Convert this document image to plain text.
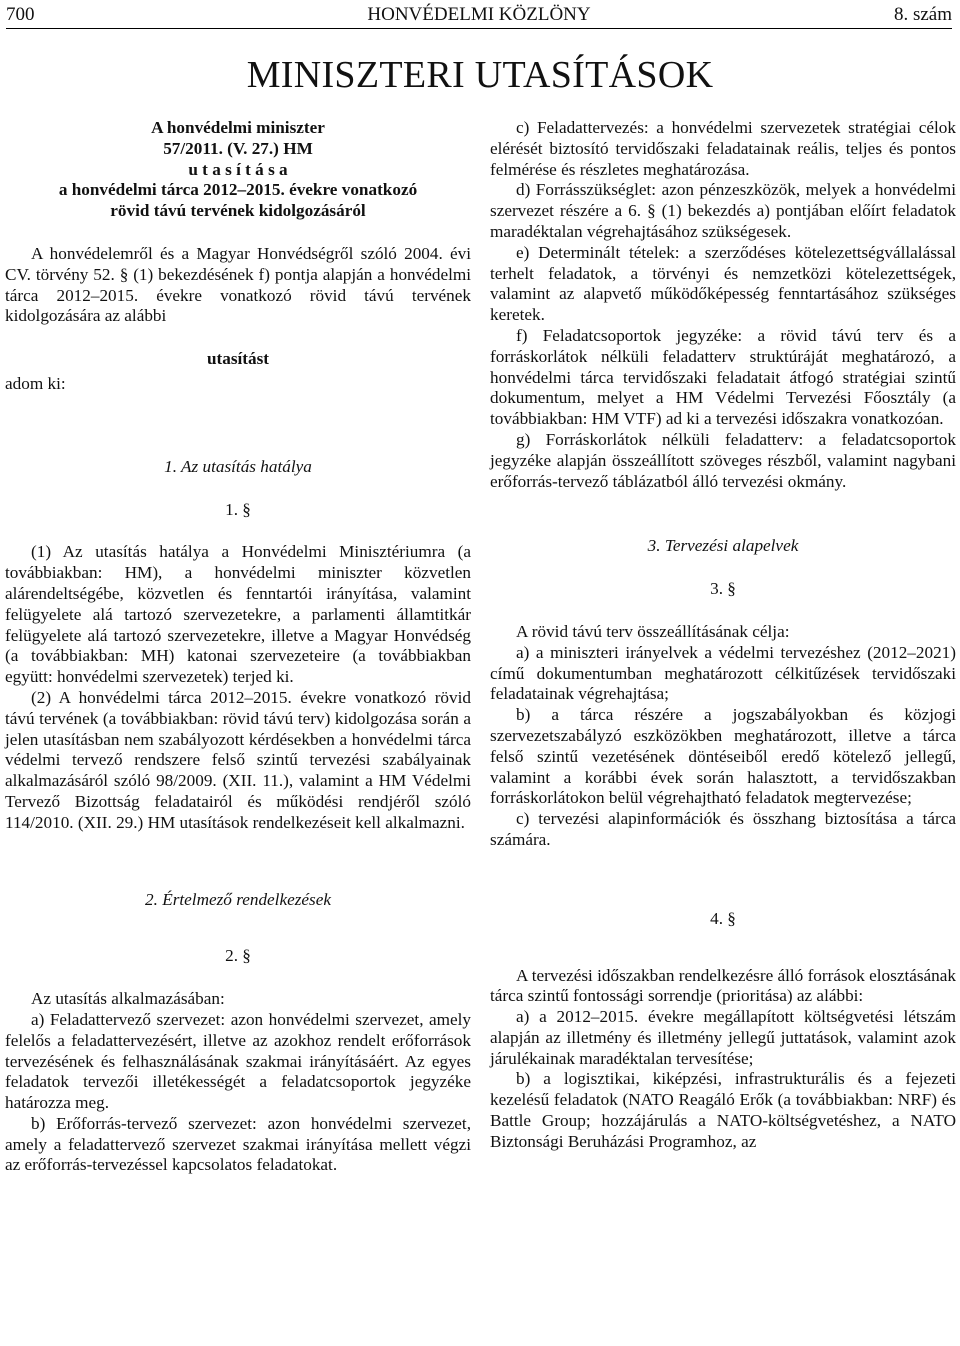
700	HONVÉDELMI KÖZLÖNY	8. szám
MINISZTERI UTASÍTÁSOK

A honvédelmi miniszter

57/2011. (V. 27.) HM

u t a s í t á s a

a honvédelmi tárca 2012–2015. évekre vonatkozó

rövid távú tervének kidolgozásáról

A honvédelemről és a Magyar Honvédségről szóló 2004. évi CV. törvény 52. § (1) bekezdésének f) pontja alapján a honvédelmi tárca 2012–2015. évekre vonatkozó rövid távú tervének kidolgozására az alábbi

utasítást

adom ki:

1. Az utasítás hatálya

1. §

(1) Az utasítás hatálya a Honvédelmi Minisztériumra (a továbbiakban: HM), a honvédelmi miniszter közvetlen alárendeltségébe, közvetlen és fenntartói irányítása, valamint felügyelete alá tartozó szervezetekre, a parlamenti államtitkár felügyelete alá tartozó szervezetekre, illetve a Magyar Honvédség (a továbbiakban: MH) katonai szervezeteire (a továbbiakban együtt: honvédelmi szervezetek) terjed ki.

(2) A honvédelmi tárca 2012–2015. évekre vonatkozó rövid távú tervének (a továbbiakban: rövid távú terv) kidolgozása során a jelen utasításban nem szabályozott kérdésekben a honvédelmi tárca védelmi tervező rendszere felső szintű tervezési szabályainak alkalmazásáról szóló 98/2009. (XII. 11.), valamint a HM Védelmi Tervező Bizottság feladatairól és működési rendjéről szóló 114/2010. (XII. 29.) HM utasítások rendelkezéseit kell alkalmazni.

2. Értelmező rendelkezések

2. §

Az utasítás alkalmazásában:

a) Feladattervező szervezet: azon honvédelmi szervezet, amely felelős a feladattervezésért, illetve az azokhoz rendelt erőforrások tervezésének és felhasználásának szakmai irányításáért. Az egyes feladatok tervezői illetékességét a feladatcsoportok jegyzéke határozza meg.

b) Erőforrás-tervező szervezet: azon honvédelmi szervezet, amely a feladattervező szervezet szakmai irányítása mellett végzi az erőforrás-tervezéssel kapcsolatos feladatokat.

c) Feladattervezés: a honvédelmi szervezetek stratégiai célok elérését biztosító tervidőszaki feladatainak reális, teljes és pontos felmérése és részletes meghatározása.

d) Forrásszükséglet: azon pénzeszközök, melyek a honvédelmi szervezet részére a 6. § (1) bekezdés a) pontjában előírt feladatok maradéktalan végrehajtásához szükségesek.

e) Determinált tételek: a szerződéses kötelezettségvállalással terhelt feladatok, a törvényi és nemzetközi kötelezettségek, valamint az alapvető működőképesség fenntartásához szükséges keretek.

f) Feladatcsoportok jegyzéke: a rövid távú terv és a forráskorlátok nélküli feladatterv struktúráját meghatározó, a honvédelmi tárca tervidőszaki feladatait átfogó stratégiai szintű dokumentum, melyet a HM Védelmi Tervezési Főosztály (a továbbiakban: HM VTF) ad ki a tervezési időszakra vonatkozóan.

g) Forráskorlátok nélküli feladatterv: a feladatcsoportok jegyzéke alapján összeállított szöveges részből, valamint nagybani erőforrás-tervező táblázatból álló tervezési okmány.

3. Tervezési alapelvek

3. §

A rövid távú terv összeállításának célja:

a) a miniszteri irányelvek a védelmi tervezéshez (2012–2021) című dokumentumban meghatározott célkitűzések tervidőszaki feladatainak végrehajtása;

b) a tárca részére a jogszabályokban és közjogi szervezetszabályzó eszközökben meghatározott, illetve a tárca felső szintű vezetésének döntéseiből eredő kötelező jellegű, valamint a korábbi évek során halasztott, a tervidőszakban forráskorlátokon belül végrehajtható feladatok megtervezése;

c) tervezési alapinformációk és összhang biztosítása a tárca számára.

4. §

A tervezési időszakban rendelkezésre álló források elosztásának tárca szintű fontossági sorrendje (prioritása) az alábbi:

a) a 2012–2015. évekre megállapított költségvetési létszám alapján az illetmény és illetmény jellegű juttatások, valamint azok járulékainak maradéktalan tervesítése;

b) a logisztikai, kiképzési, infrastrukturális és a fejezeti kezelésű feladatok (NATO Reagáló Erők (a továbbiakban: NRF) és Battle Group; hozzájárulás a NATO-költségvetéshez, a NATO Biztonsági Beruházási Programhoz, az
